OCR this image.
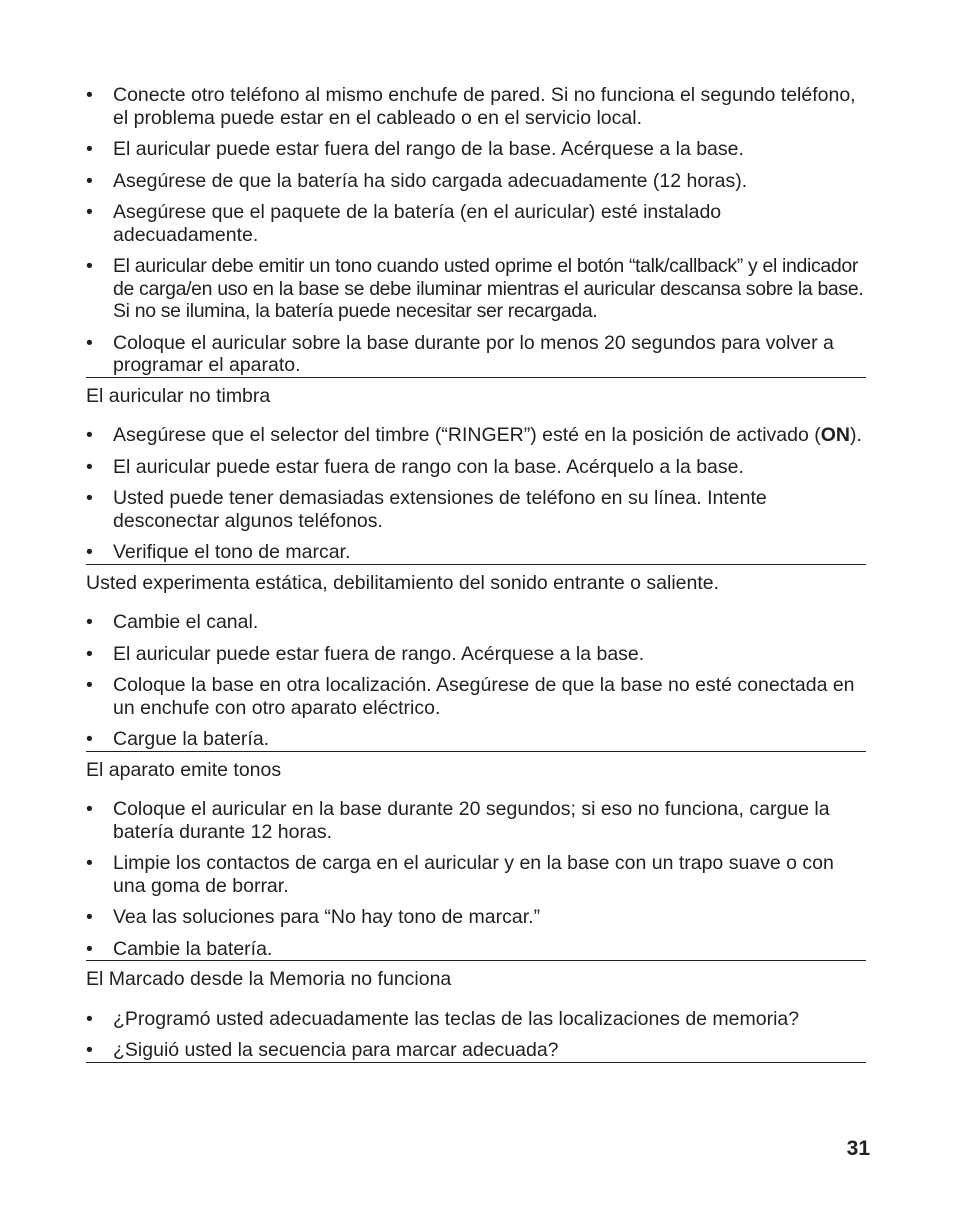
• Conecte otro teléfono al mismo enchufe de pared. Si no funciona el segundo teléfono, el problema puede estar en el cableado o en el servicio local.
• El auricular puede estar fuera del rango de la base. Acérquese a la base.
• Asegúrese de que la batería ha sido cargada adecuadamente (12 horas).
• Asegúrese que el paquete de la batería (en el auricular) esté instalado adecuadamente.
• El auricular debe emitir un tono cuando usted oprime el botón “talk/callback” y el indicador de carga/en uso en la base se debe iluminar mientras el auricular descansa sobre la base. Si no se ilumina, la batería puede necesitar ser recargada.
• Coloque el auricular sobre la base durante por lo menos 20 segundos para volver a programar el aparato.
El auricular no timbra
• Asegúrese que el selector del timbre (“RINGER”) esté en la posición de activado (ON).
• El auricular puede estar fuera de rango con la base. Acérquelo a la base.
• Usted puede tener demasiadas extensiones de teléfono en su línea. Intente desconectar algunos teléfonos.
• Verifique el tono de marcar.
Usted experimenta estática, debilitamiento del sonido entrante o saliente.
• Cambie el canal.
• El auricular puede estar fuera de rango. Acérquese a la base.
• Coloque la base en otra localización. Asegúrese de que la base no esté conectada en un enchufe con otro aparato eléctrico.
• Cargue la batería.
El aparato emite tonos
• Coloque el auricular en la base durante 20 segundos; si eso no funciona, cargue la batería durante 12 horas.
• Limpie los contactos de carga en el auricular y en la base con un trapo suave o con una goma de borrar.
• Vea las soluciones para “No hay tono de marcar.”
• Cambie la batería.
El Marcado desde la Memoria no funciona
• ¿Programó usted adecuadamente las teclas de las localizaciones de memoria?
• ¿Siguió usted la secuencia para marcar adecuada?
31
